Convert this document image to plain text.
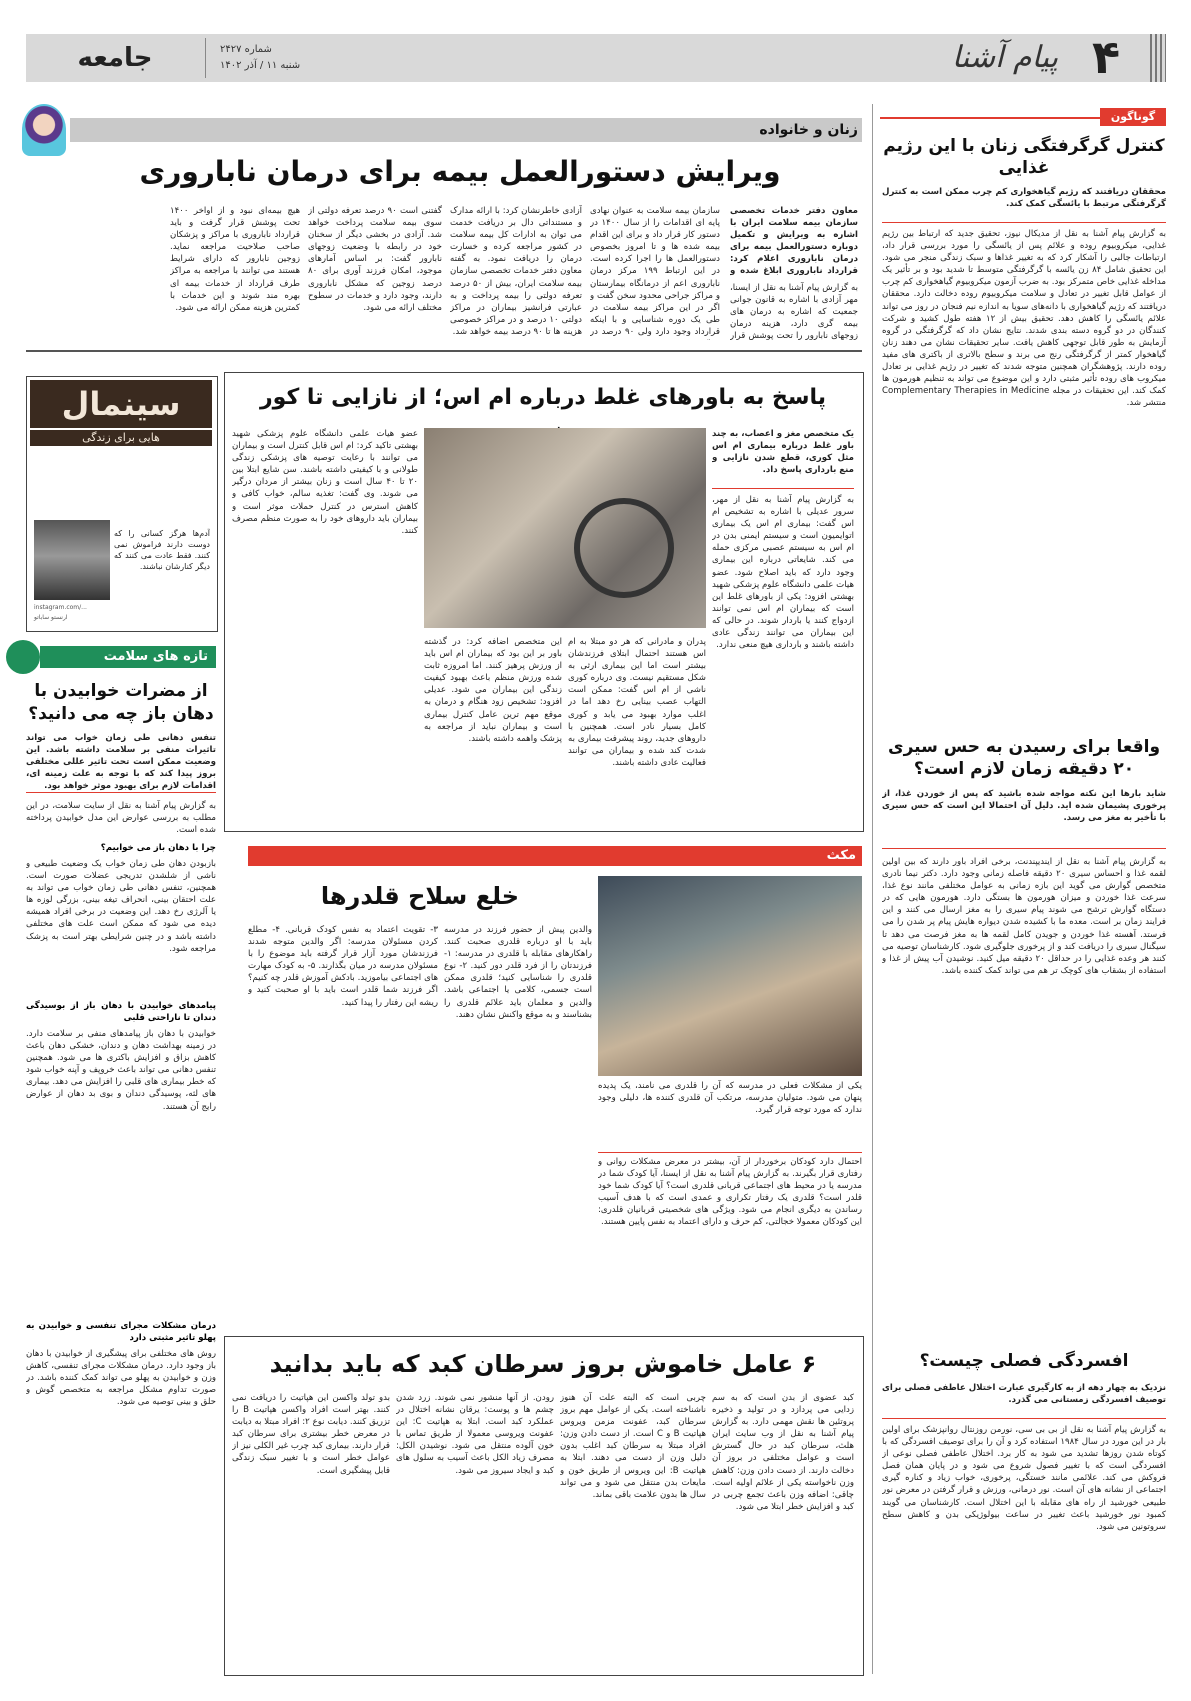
۴
پیام آشنا
شماره ۲۴۲۷
شنبه ۱۱ / آذر ۱۴۰۲
جامعه
زنان و خانواده
ویرایش دستورالعمل بیمه برای درمان ناباروری
معاون دفتر خدمات تخصصی سازمان بیمه سلامت ایران با اشاره به ویرایش و تکمیل دوباره دستورالعمل بیمه برای درمان ناباروری اعلام کرد: قرارداد ناباروری ابلاغ شده و
به گزارش پیام آشنا به نقل از ایسنا، مهر آزادی با اشاره به قانون جوانی جمعیت که اشاره به درمان های بیمه گری دارد، هزینه درمان زوجهای نابارور را تحت پوشش قرار
سازمان بیمه سلامت به عنوان نهادی پایه ای اقدامات را از سال ۱۴۰۰ در دستور کار قرار داد و برای این اقدام بیمه شده ها و تا امروز بخصوص دستورالعمل ها را اجرا کرده است. در این ارتباط ۱۹۹ مرکز درمان ناباروری اعم از درمانگاه بیمارستان و مراکز جراحی محدود سخن گفت و اگر در این مراکز بیمه سلامت در طی یک دوره شناسایی و با اینکه قرارداد وجود دارد ولی ۹۰ درصد در
آزادی خاطرنشان کرد: با ارائه مدارک و مستنداتی دال بر دریافت خدمت می توان به ادارات کل بیمه سلامت در کشور مراجعه کرده و خسارت درمان را دریافت نمود. به گفته معاون دفتر خدمات تخصصی سازمان بیمه سلامت ایران، بیش از ۵۰ درصد تعرفه دولتی را بیمه پرداخت و به عبارتی فرانشیز بیماران در مراکز دولتی ۱۰ درصد و در مراکز خصوصی هزینه ها تا ۹۰ درصد بیمه خواهد شد.
گفتنی است ۹۰ درصد تعرفه دولتی از سوی بیمه سلامت پرداخت خواهد شد. آزادی در بخشی دیگر از سخنان خود در رابطه با وضعیت زوجهای نابارور گفت: بر اساس آمارهای موجود، امکان فرزند آوری برای ۸۰ درصد زوجین که مشکل ناباروری دارند، وجود دارد و خدمات در سطوح مختلف ارائه می شود.
هیچ بیمه‌ای نبود و از اواخر ۱۴۰۰ تحت پوشش قرار گرفت و باید قرارداد ناباروری با مراکز و پزشکان صاحب صلاحیت مراجعه نماید. زوجین نابارور که دارای شرایط هستند می توانند با مراجعه به مراکز طرف قرارداد از خدمات بیمه ای بهره مند شوند و این خدمات با کمترین هزینه ممکن ارائه می شود.
گوناگون
کنترل گرگرفتگی زنان با این رژیم غذایی
محققان دریافتند که رژیم گیاهخواری کم چرب ممکن است به کنترل گرگرفتگی مرتبط با یائسگی کمک کند.
به گزارش پیام آشنا به نقل از مدیکال نیوز، تحقیق جدید که ارتباط بین رژیم غذایی، میکروبیوم روده و علائم پس از یائسگی را مورد بررسی قرار داد، ارتباطات جالبی را آشکار کرد که به تغییر غذاها و سبک زندگی منجر می شود. این تحقیق شامل ۸۴ زن یائسه با گرگرفتگی متوسط تا شدید بود و بر تأثیر یک مداخله غذایی خاص متمرکز بود. به ضرب آزمون میکروبیوم گیاهخواری کم چرب از عوامل قابل تغییر در تعادل و سلامت میکروبیوم روده دخالت دارد. محققان دریافتند که رژیم گیاهخواری با دانه‌های سویا به اندازه نیم فنجان در روز می تواند علائم یائسگی را کاهش دهد. تحقیق بیش از ۱۲ هفته طول کشید و شرکت کنندگان در دو گروه دسته بندی شدند. نتایج نشان داد که گرگرفتگی در گروه آزمایش به طور قابل توجهی کاهش یافت. سایر تحقیقات نشان می دهند زنان گیاهخوار کمتر از گرگرفتگی رنج می برند و سطح بالاتری از باکتری های مفید روده دارند. پژوهشگران همچنین متوجه شدند که تغییر در رژیم غذایی بر تعادل میکروب های روده تأثیر مثبتی دارد و این موضوع می تواند به تنظیم هورمون ها کمک کند. این تحقیقات در مجله Complementary Therapies in Medicine منتشر شد.
واقعا برای رسیدن به حس سیری ۲۰ دقیقه زمان لازم است؟
شاید بارها این نکته مواجه شده باشید که پس از خوردن غذا، از پرخوری پشیمان شده اید. دلیل آن احتمالا این است که حس سیری با تأخیر به مغز می رسد.
به گزارش پیام آشنا به نقل از ایندیپندنت، برخی افراد باور دارند که بین اولین لقمه غذا و احساس سیری ۲۰ دقیقه فاصله زمانی وجود دارد. دکتر نیما نادری متخصص گوارش می گوید این بازه زمانی به عوامل مختلفی مانند نوع غذا، سرعت غذا خوردن و میزان هورمون ها بستگی دارد. هورمون هایی که در دستگاه گوارش ترشح می شوند پیام سیری را به مغز ارسال می کنند و این فرایند زمان بر است. معده ما با کشیده شدن دیواره هایش پیام پر شدن را می فرستد. آهسته غذا خوردن و جویدن کامل لقمه ها به مغز فرصت می دهد تا سیگنال سیری را دریافت کند و از پرخوری جلوگیری شود. کارشناسان توصیه می کنند هر وعده غذایی را در حداقل ۲۰ دقیقه میل کنید. نوشیدن آب پیش از غذا و استفاده از بشقاب های کوچک تر هم می تواند کمک کننده باشد.
افسردگی فصلی چیست؟
نزدیک به چهار دهه از به کارگیری عبارت اختلال عاطفی فصلی برای توصیف افسردگی زمستانی می گذرد.
به گزارش پیام آشنا به نقل از بی بی سی، نورمن روزنتال روانپزشک برای اولین بار در این مورد در سال ۱۹۸۴ استفاده کرد و آن را برای توصیف افسردگی که با کوتاه شدن روزها تشدید می شود به کار برد. اختلال عاطفی فصلی نوعی از افسردگی است که با تغییر فصول شروع می شود و در پایان همان فصل فروکش می کند. علائمی مانند خستگی، پرخوری، خواب زیاد و کناره گیری اجتماعی از نشانه های آن است. نور درمانی، ورزش و قرار گرفتن در معرض نور طبیعی خورشید از راه های مقابله با این اختلال است. کارشناسان می گویند کمبود نور خورشید باعث تغییر در ساعت بیولوژیکی بدن و کاهش سطح سروتونین می شود.
سینمال
هایی برای زندگی
آدم‌ها هرگز کسانی را که دوست دارند فراموش نمی کنند. فقط عادت می کنند که دیگر کنارشان نباشند.
instagram.com/...
ارنستو ساباتو
تازه های سلامت
از مضرات خوابیدن با دهان باز چه می دانید؟
تنفس دهانی طی زمان خواب می تواند تاثیرات منفی بر سلامت داشته باشد. این وضعیت ممکن است تحت تاثیر عللی مختلفی بروز پیدا کند که با توجه به علت زمینه ای، اقدامات لازم برای بهبود موثر خواهد بود.
به گزارش پیام آشنا به نقل از سایت سلامت، در این مطلب به بررسی عوارض این مدل خوابیدن پرداخته شده است.
چرا با دهان باز می خوابیم؟
بازبودن دهان طی زمان خواب یک وضعیت طبیعی و ناشی از شلشدن تدریجی عضلات صورت است. همچنین، تنفس دهانی طی زمان خواب می تواند به علت احتقان بینی، انحراف تیغه بینی، بزرگی لوزه ها یا آلرژی رخ دهد. این وضعیت در برخی افراد همیشه دیده می شود که ممکن است علت های مختلفی داشته باشد و در چنین شرایطی بهتر است به پزشک مراجعه شود.
پیامدهای خوابیدن با دهان باز از بوسیدگی دندان تا ناراحتی قلبی
خوابیدن با دهان باز پیامدهای منفی بر سلامت دارد. در زمینه بهداشت دهان و دندان، خشکی دهان باعث کاهش بزاق و افزایش باکتری ها می شود. همچنین تنفس دهانی می تواند باعث خروپف و آپنه خواب شود که خطر بیماری های قلبی را افزایش می دهد. بیماری های لثه، پوسیدگی دندان و بوی بد دهان از عوارض رایج آن هستند.
درمان مشکلات مجرای تنفسی و خوابیدن به پهلو تاثیر مثبتی دارد
روش های مختلفی برای پیشگیری از خوابیدن با دهان باز وجود دارد. درمان مشکلات مجرای تنفسی، کاهش وزن و خوابیدن به پهلو می تواند کمک کننده باشد. در صورت تداوم مشکل مراجعه به متخصص گوش و حلق و بینی توصیه می شود.
پاسخ به باورهای غلط درباره ام اس؛ از نازایی تا کور
یک متخصص مغز و اعصاب، به چند باور غلط درباره بیماری ام اس مثل کوری، قطع شدن نازایی و منع بارداری پاسخ داد.
به گزارش پیام آشنا به نقل از مهر، سرور عدیلی با اشاره به تشخیص ام اس گفت: بیماری ام اس یک بیماری اتوایمیون است و سیستم ایمنی بدن در ام اس به سیستم عصبی مرکزی حمله می کند. شایعاتی درباره این بیماری وجود دارد که باید اصلاح شود. عضو هیات علمی دانشگاه علوم پزشکی شهید بهشتی افزود: یکی از باورهای غلط این است که بیماران ام اس نمی توانند ازدواج کنند یا باردار شوند. در حالی که این بیماران می توانند زندگی عادی داشته باشند و بارداری هیچ منعی ندارد.
پدران و مادرانی که هر دو مبتلا به ام اس هستند احتمال ابتلای فرزندشان بیشتر است اما این بیماری ارثی به شکل مستقیم نیست. وی درباره کوری ناشی از ام اس گفت: ممکن است التهاب عصب بینایی رخ دهد اما در اغلب موارد بهبود می یابد و کوری کامل بسیار نادر است. همچنین با داروهای جدید، روند پیشرفت بیماری به شدت کند شده و بیماران می توانند فعالیت عادی داشته باشند.
این متخصص اضافه کرد: در گذشته باور بر این بود که بیماران ام اس باید از ورزش پرهیز کنند. اما امروزه ثابت شده ورزش منظم باعث بهبود کیفیت زندگی این بیماران می شود. عدیلی افزود: تشخیص زود هنگام و درمان به موقع مهم ترین عامل کنترل بیماری است و بیماران نباید از مراجعه به پزشک واهمه داشته باشند.
عضو هیات علمی دانشگاه علوم پزشکی شهید بهشتی تاکید کرد: ام اس قابل کنترل است و بیماران می توانند با رعایت توصیه های پزشکی زندگی طولانی و با کیفیتی داشته باشند. سن شایع ابتلا بین ۲۰ تا ۴۰ سال است و زنان بیشتر از مردان درگیر می شوند. وی گفت: تغذیه سالم، خواب کافی و کاهش استرس در کنترل حملات موثر است و بیماران باید داروهای خود را به صورت منظم مصرف کنند.
مکث
خلع سلاح قلدرها
یکی از مشکلات فعلی در مدرسه که آن را قلدری می نامند، یک پدیده پنهان می شود. متولیان مدرسه، مرتکب آن قلدری کننده ها، دلیلی وجود ندارد که مورد توجه قرار گیرد.
احتمال دارد کودکان برخوردار از آن، بیشتر در معرض مشکلات روانی و رفتاری قرار بگیرند. به گزارش پیام آشنا به نقل از ایسنا، آیا کودک شما در مدرسه یا در محیط های اجتماعی قربانی قلدری است؟ آیا کودک شما خود قلدر است؟ قلدری یک رفتار تکراری و عمدی است که با هدف آسیب رساندن به دیگری انجام می شود. ویژگی های شخصیتی قربانیان قلدری: این کودکان معمولا خجالتی، کم حرف و دارای اعتماد به نفس پایین هستند.
والدین پیش از حضور فرزند در مدرسه باید با او درباره قلدری صحبت کنند. راهکارهای مقابله با قلدری در مدرسه: ۱- فرزندتان را از فرد قلدر دور کنید. ۲- نوع قلدری را شناسایی کنید؛ قلدری ممکن است جسمی، کلامی یا اجتماعی باشد. والدین و معلمان باید علائم قلدری را بشناسند و به موقع واکنش نشان دهند.
۳- تقویت اعتماد به نفس کودک قربانی. ۴- مطلع کردن مسئولان مدرسه: اگر والدین متوجه شدند فرزندشان مورد آزار قرار گرفته باید موضوع را با مسئولان مدرسه در میان بگذارند. ۵- به کودک مهارت های اجتماعی بیاموزید. بادکش آموزش قلدر چه کنیم؟ اگر فرزند شما قلدر است باید با او صحبت کنید و ریشه این رفتار را پیدا کنید.
۶ عامل خاموش بروز سرطان کبد که باید بدانید
کبد عضوی از بدن است که به سم زدایی می پردازد و در تولید و ذخیره پروتئین ها نقش مهمی دارد. به گزارش پیام آشنا به نقل از وب سایت ایران هلث، سرطان کبد در حال گسترش است و عوامل مختلفی در بروز آن دخالت دارند. از دست دادن وزن: کاهش وزن ناخواسته یکی از علائم اولیه است. چاقی: اضافه وزن باعث تجمع چربی در کبد و افزایش خطر ابتلا می شود.
چربی است که البته علت آن هنوز ناشناخته است. یکی از عوامل مهم بروز سرطان کبد، عفونت مزمن ویروس هپاتیت B و C است. از دست دادن وزن: افراد مبتلا به سرطان کبد اغلب بدون دلیل وزن از دست می دهند. ابتلا به هپاتیت B: این ویروس از طریق خون و مایعات بدن منتقل می شود و می تواند سال ها بدون علامت باقی بماند.
رودن. از آنها منشور نمی شوند. زرد شدن چشم ها و پوست: یرقان نشانه اختلال در عملکرد کبد است. ابتلا به هپاتیت C: این عفونت ویروسی معمولا از طریق تماس با خون آلوده منتقل می شود. نوشیدن الکل: مصرف زیاد الکل باعث آسیب به سلول های کبد و ایجاد سیروز می شود.
بدو تولد واکسن این هپاتیت را دریافت نمی کنند. بهتر است افراد واکسن هپاتیت B را تزریق کنند. دیابت نوع ۲: افراد مبتلا به دیابت در معرض خطر بیشتری برای سرطان کبد قرار دارند. بیماری کبد چرب غیر الکلی نیز از عوامل خطر است و با تغییر سبک زندگی قابل پیشگیری است.
